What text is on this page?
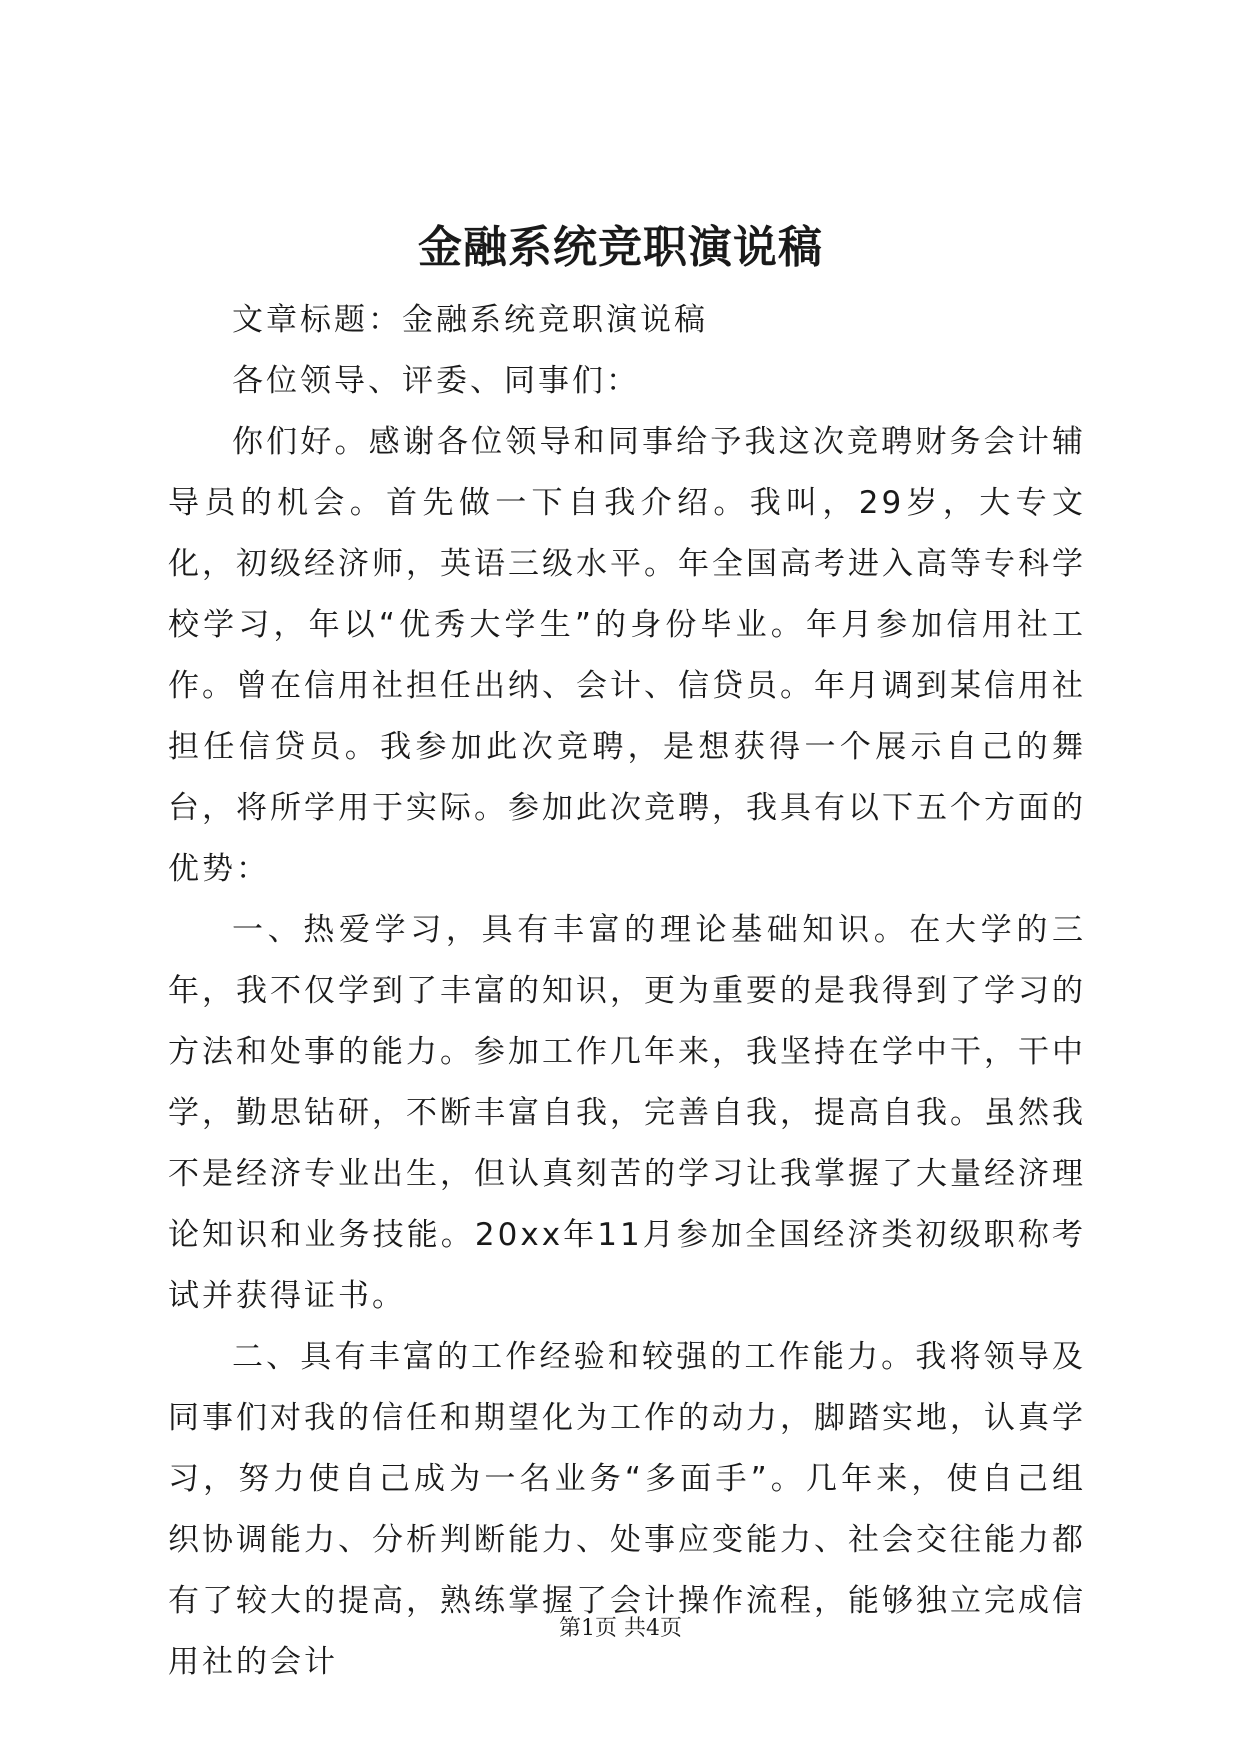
金融系统竞职演说稿

文章标题：金融系统竞职演说稿

各位领导、评委、同事们：

你们好。感谢各位领导和同事给予我这次竞聘财务会计辅导员的机会。首先做一下自我介绍。我叫，29岁，大专文化，初级经济师，英语三级水平。年全国高考进入高等专科学校学习，年以“优秀大学生”的身份毕业。年月参加信用社工作。曾在信用社担任出纳、会计、信贷员。年月调到某信用社担任信贷员。我参加此次竞聘，是想获得一个展示自己的舞台，将所学用于实际。参加此次竞聘，我具有以下五个方面的优势：

一、热爱学习，具有丰富的理论基础知识。在大学的三年，我不仅学到了丰富的知识，更为重要的是我得到了学习的方法和处事的能力。参加工作几年来，我坚持在学中干，干中学，勤思钻研，不断丰富自我，完善自我，提高自我。虽然我不是经济专业出生，但认真刻苦的学习让我掌握了大量经济理论知识和业务技能。20xx年11月参加全国经济类初级职称考试并获得证书。

二、具有丰富的工作经验和较强的工作能力。我将领导及同事们对我的信任和期望化为工作的动力，脚踏实地，认真学习，努力使自己成为一名业务“多面手”。几年来，使自己组织协调能力、分析判断能力、处事应变能力、社会交往能力都有了较大的提高，熟练掌握了会计操作流程，能够独立完成信用社的会计

第1页 共4页
